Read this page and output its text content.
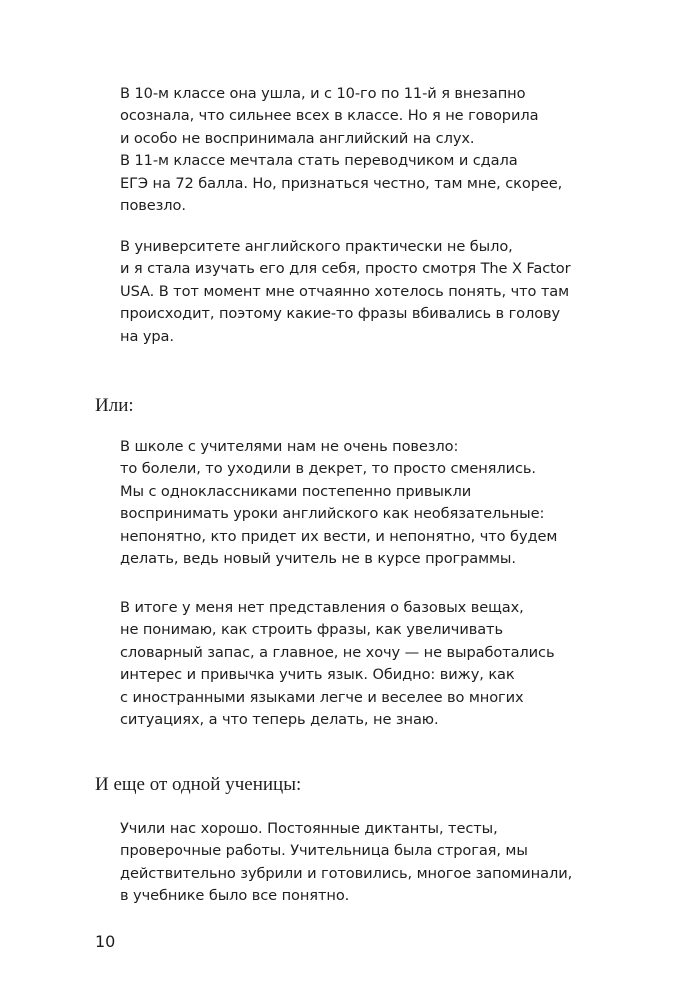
В 10-м классе она ушла, и с 10-го по 11-й я внезапно
осознала, что сильнее всех в классе. Но я не говорила
и особо не воспринимала английский на слух.
В 11-м классе мечтала стать переводчиком и сдала
ЕГЭ на 72 балла. Но, признаться честно, там мне, скорее,
повезло.
В университете английского практически не было,
и я стала изучать его для себя, просто смотря The X Factor
USA. В тот момент мне отчаянно хотелось понять, что там
происходит, поэтому какие-то фразы вбивались в голову
на ура.
Или:
В школе с учителями нам не очень повезло:
то болели, то уходили в декрет, то просто сменялись.
Мы с одноклассниками постепенно привыкли
воспринимать уроки английского как необязательные:
непонятно, кто придет их вести, и непонятно, что будем
делать, ведь новый учитель не в курсе программы.
В итоге у меня нет представления о базовых вещах,
не понимаю, как строить фразы, как увеличивать
словарный запас, а главное, не хочу — не выработались
интерес и привычка учить язык. Обидно: вижу, как
с иностранными языками легче и веселее во многих
ситуациях, а что теперь делать, не знаю.
И еще от одной ученицы:
Учили нас хорошо. Постоянные диктанты, тесты,
проверочные работы. Учительница была строгая, мы
действительно зубрили и готовились, многое запоминали,
в учебнике было все понятно.
10
